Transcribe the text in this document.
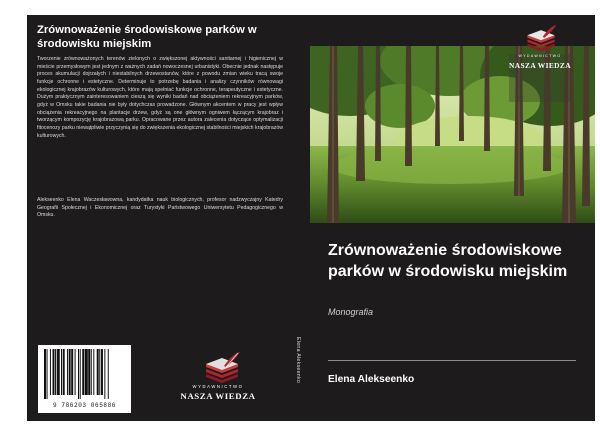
Zrównoważenie środowiskowe parków w środowisku miejskim

Tworzenie zrównoważonych terenów zielonych o zwiększonej aktywności sanitarnej i higienicznej w mieście przemysłowym jest jednym z ważnych zadań nowoczesnej urbanistyki. Obecnie jednak następuje proces akumulacji dojrzałych i niestabilnych drzewostanów, które z powodu zmian wieku tracą swoje funkcje ochronne i estetyczne. Determinuje to potrzebę badania i analizy czynników równowagi ekologicznej krajobrazów kulturowych, które mają spełniać funkcje ochronne, terapeutyczne i estetyczne. Dużym praktycznym zainteresowaniem cieszą się wyniki badań nad obciążeniem rekreacyjnym parków, gdyż w Omsku takie badania nie były dotychczas prowadzone. Głównym akcentem w pracy jest wpływ obciążenia rekreacyjnego na plantacje drzew, gdyż są one głównym ogniwem łączącym krajobraz i tworzącym kompozycję krajobrazową parku. Opracowane przez autora zalecenia dotyczące optymalizacji fitocenozy parku niewątpliwie przyczynią się do zwiększenia ekologicznej stabilności miejskich krajobrazów kulturowych.

Alekseenko Elena Waczesławowna, kandydatka nauk biologicznych, profesor nadzwyczajny Katedry Geografii Społecznej i Ekonomicznej oraz Turystyki Państwowego Uniwersytetu Pedagogicznego w Omsku.

9 786203 065886
WYDAWNICTWO
NASZA WIEDZA
Elena Alekseenko
WYDAWNICTWO
NASZA WIEDZA
Zrównoważenie środowiskowe parków w środowisku miejskim
Monografia
Elena Alekseenko
